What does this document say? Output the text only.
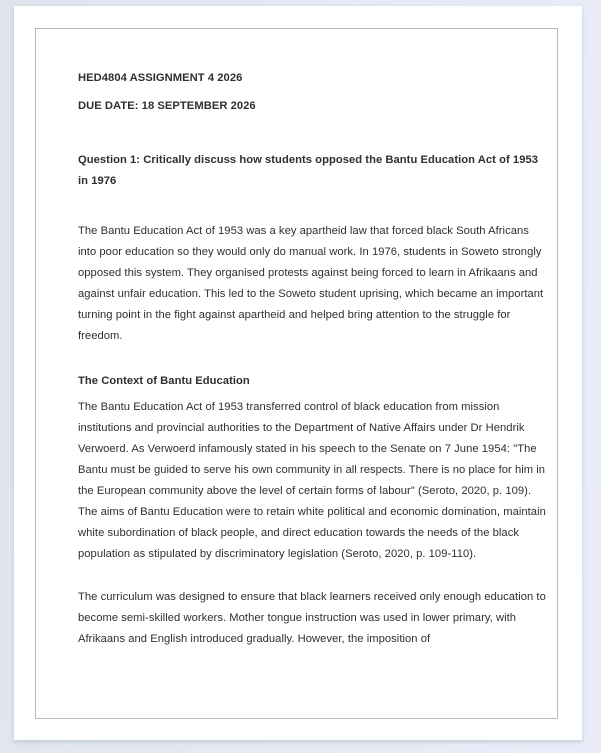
HED4804 ASSIGNMENT 4 2026

DUE DATE: 18 SEPTEMBER 2026

Question 1: Critically discuss how students opposed the Bantu Education Act of 1953 in 1976

The Bantu Education Act of 1953 was a key apartheid law that forced black South Africans into poor education so they would only do manual work. In 1976, students in Soweto strongly opposed this system. They organised protests against being forced to learn in Afrikaans and against unfair education. This led to the Soweto student uprising, which became an important turning point in the fight against apartheid and helped bring attention to the struggle for freedom.

The Context of Bantu Education

The Bantu Education Act of 1953 transferred control of black education from mission institutions and provincial authorities to the Department of Native Affairs under Dr Hendrik Verwoerd. As Verwoerd infamously stated in his speech to the Senate on 7 June 1954: "The Bantu must be guided to serve his own community in all respects. There is no place for him in the European community above the level of certain forms of labour" (Seroto, 2020, p. 109). The aims of Bantu Education were to retain white political and economic domination, maintain white subordination of black people, and direct education towards the needs of the black population as stipulated by discriminatory legislation (Seroto, 2020, p. 109-110).

The curriculum was designed to ensure that black learners received only enough education to become semi-skilled workers. Mother tongue instruction was used in lower primary, with Afrikaans and English introduced gradually. However, the imposition of
